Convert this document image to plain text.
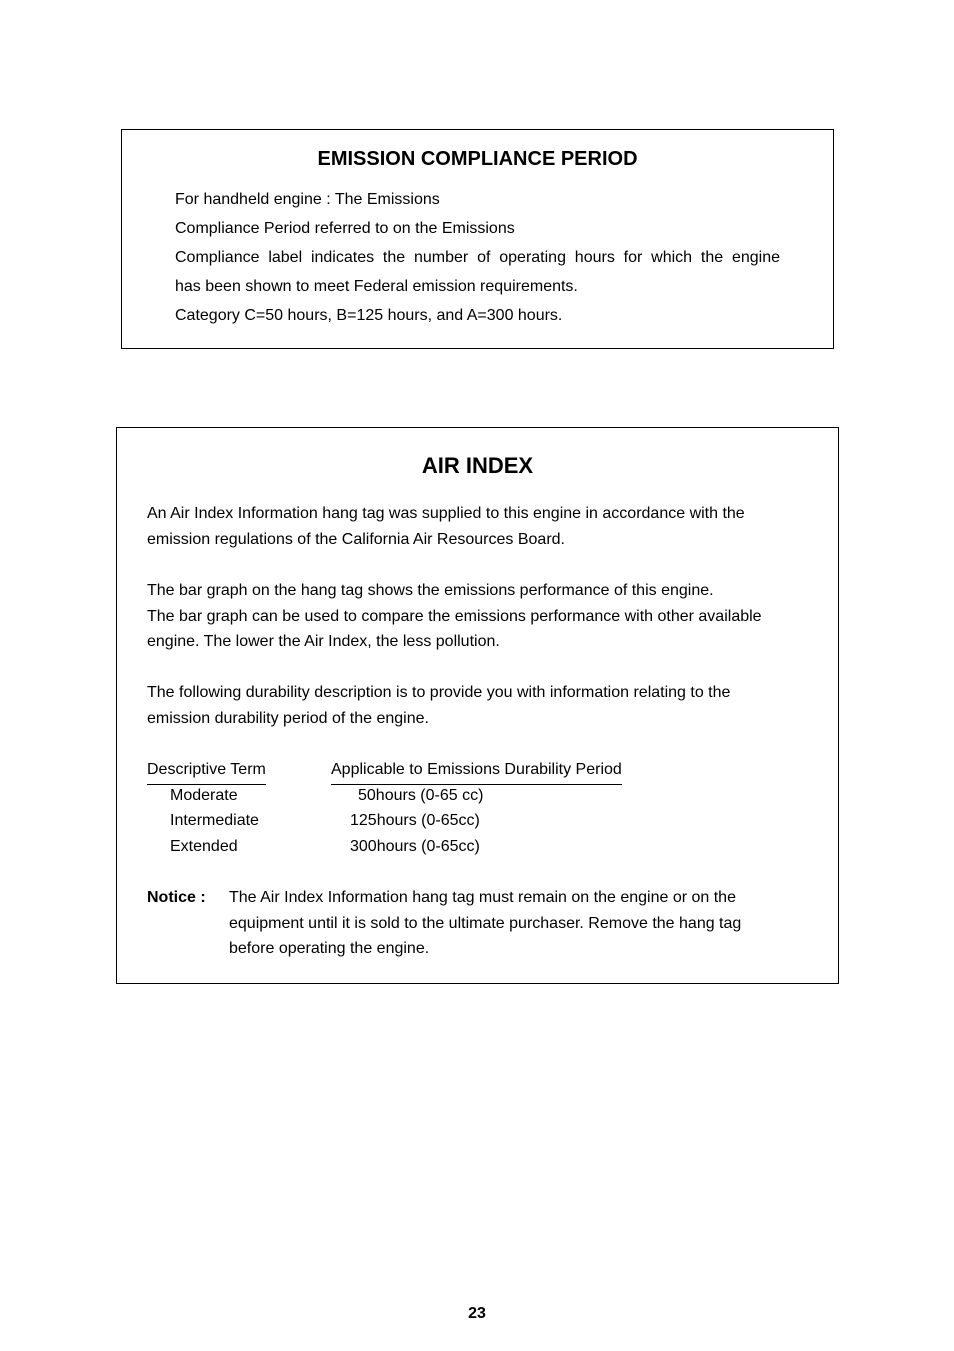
EMISSION COMPLIANCE PERIOD
For handheld engine : The Emissions
Compliance Period referred to on the Emissions
Compliance label indicates the number of operating hours for which the engine
has been shown to meet Federal emission requirements.
Category C=50 hours, B=125 hours, and A=300 hours.
AIR INDEX
An Air Index Information hang tag was supplied to this engine in accordance with the
emission regulations of the California Air Resources Board.
The bar graph on the hang tag shows the emissions performance of this engine.
The bar graph can be used to compare the emissions performance with other available
engine. The lower the Air Index, the less pollution.
The following durability description is to provide you with information relating to the
emission durability period of the engine.
Descriptive Term	Applicable to Emissions Durability Period
Moderate	50hours (0-65 cc)
Intermediate	125hours (0-65cc)
Extended	300hours (0-65cc)
Notice : The Air Index Information hang tag must remain on the engine or on the
equipment until it is sold to the ultimate purchaser. Remove the hang tag
before operating the engine.
23
